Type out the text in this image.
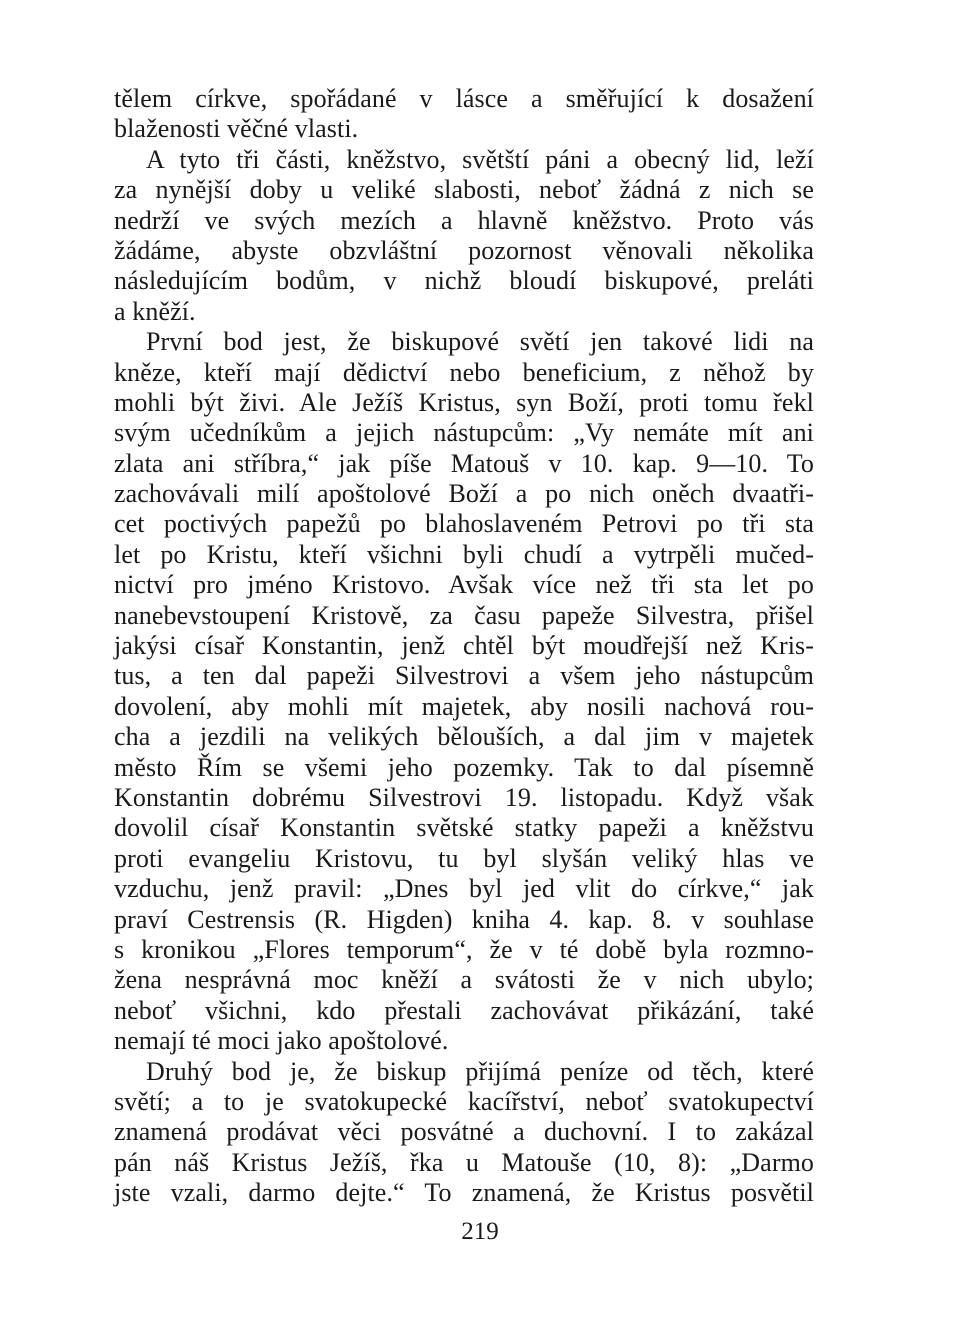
tělem církve, spořádané v lásce a směřující k dosažení
blaženosti věčné vlasti.
A tyto tři části, kněžstvo, světští páni a obecný lid, leží
za nynější doby u veliké slabosti, neboť žádná z nich se
nedrží ve svých mezích a hlavně kněžstvo. Proto vás
žádáme, abyste obzvláštní pozornost věnovali několika
následujícím bodům, v nichž bloudí biskupové, preláti
a kněží.
První bod jest, že biskupové světí jen takové lidi na
kněze, kteří mají dědictví nebo beneficium, z něhož by
mohli být živi. Ale Ježíš Kristus, syn Boží, proti tomu řekl
svým učedníkům a jejich nástupcům: „Vy nemáte mít ani
zlata ani stříbra,“ jak píše Matouš v 10. kap. 9—10. To
zachovávali milí apoštolové Boží a po nich oněch dvaatři-
cet poctivých papežů po blahoslaveném Petrovi po tři sta
let po Kristu, kteří všichni byli chudí a vytrpěli mučed-
nictví pro jméno Kristovo. Avšak více než tři sta let po
nanebevstoupení Kristově, za času papeže Silvestra, přišel
jakýsi císař Konstantin, jenž chtěl být moudřejší než Kris-
tus, a ten dal papeži Silvestrovi a všem jeho nástupcům
dovolení, aby mohli mít majetek, aby nosili nachová rou-
cha a jezdili na velikých bělouších, a dal jim v majetek
město Řím se všemi jeho pozemky. Tak to dal písemně
Konstantin dobrému Silvestrovi 19. listopadu. Když však
dovolil císař Konstantin světské statky papeži a kněžstvu
proti evangeliu Kristovu, tu byl slyšán veliký hlas ve
vzduchu, jenž pravil: „Dnes byl jed vlit do církve,“ jak
praví Cestrensis (R. Higden) kniha 4. kap. 8. v souhlase
s kronikou „Flores temporum“, že v té době byla rozmno-
žena nesprávná moc kněží a svátosti že v nich ubylo;
neboť všichni, kdo přestali zachovávat přikázání, také
nemají té moci jako apoštolové.
Druhý bod je, že biskup přijímá peníze od těch, které
světí; a to je svatokupecké kacířství, neboť svatokupectví
znamená prodávat věci posvátné a duchovní. I to zakázal
pán náš Kristus Ježíš, řka u Matouše (10, 8): „Darmo
jste vzali, darmo dejte.“ To znamená, že Kristus posvětil
219
